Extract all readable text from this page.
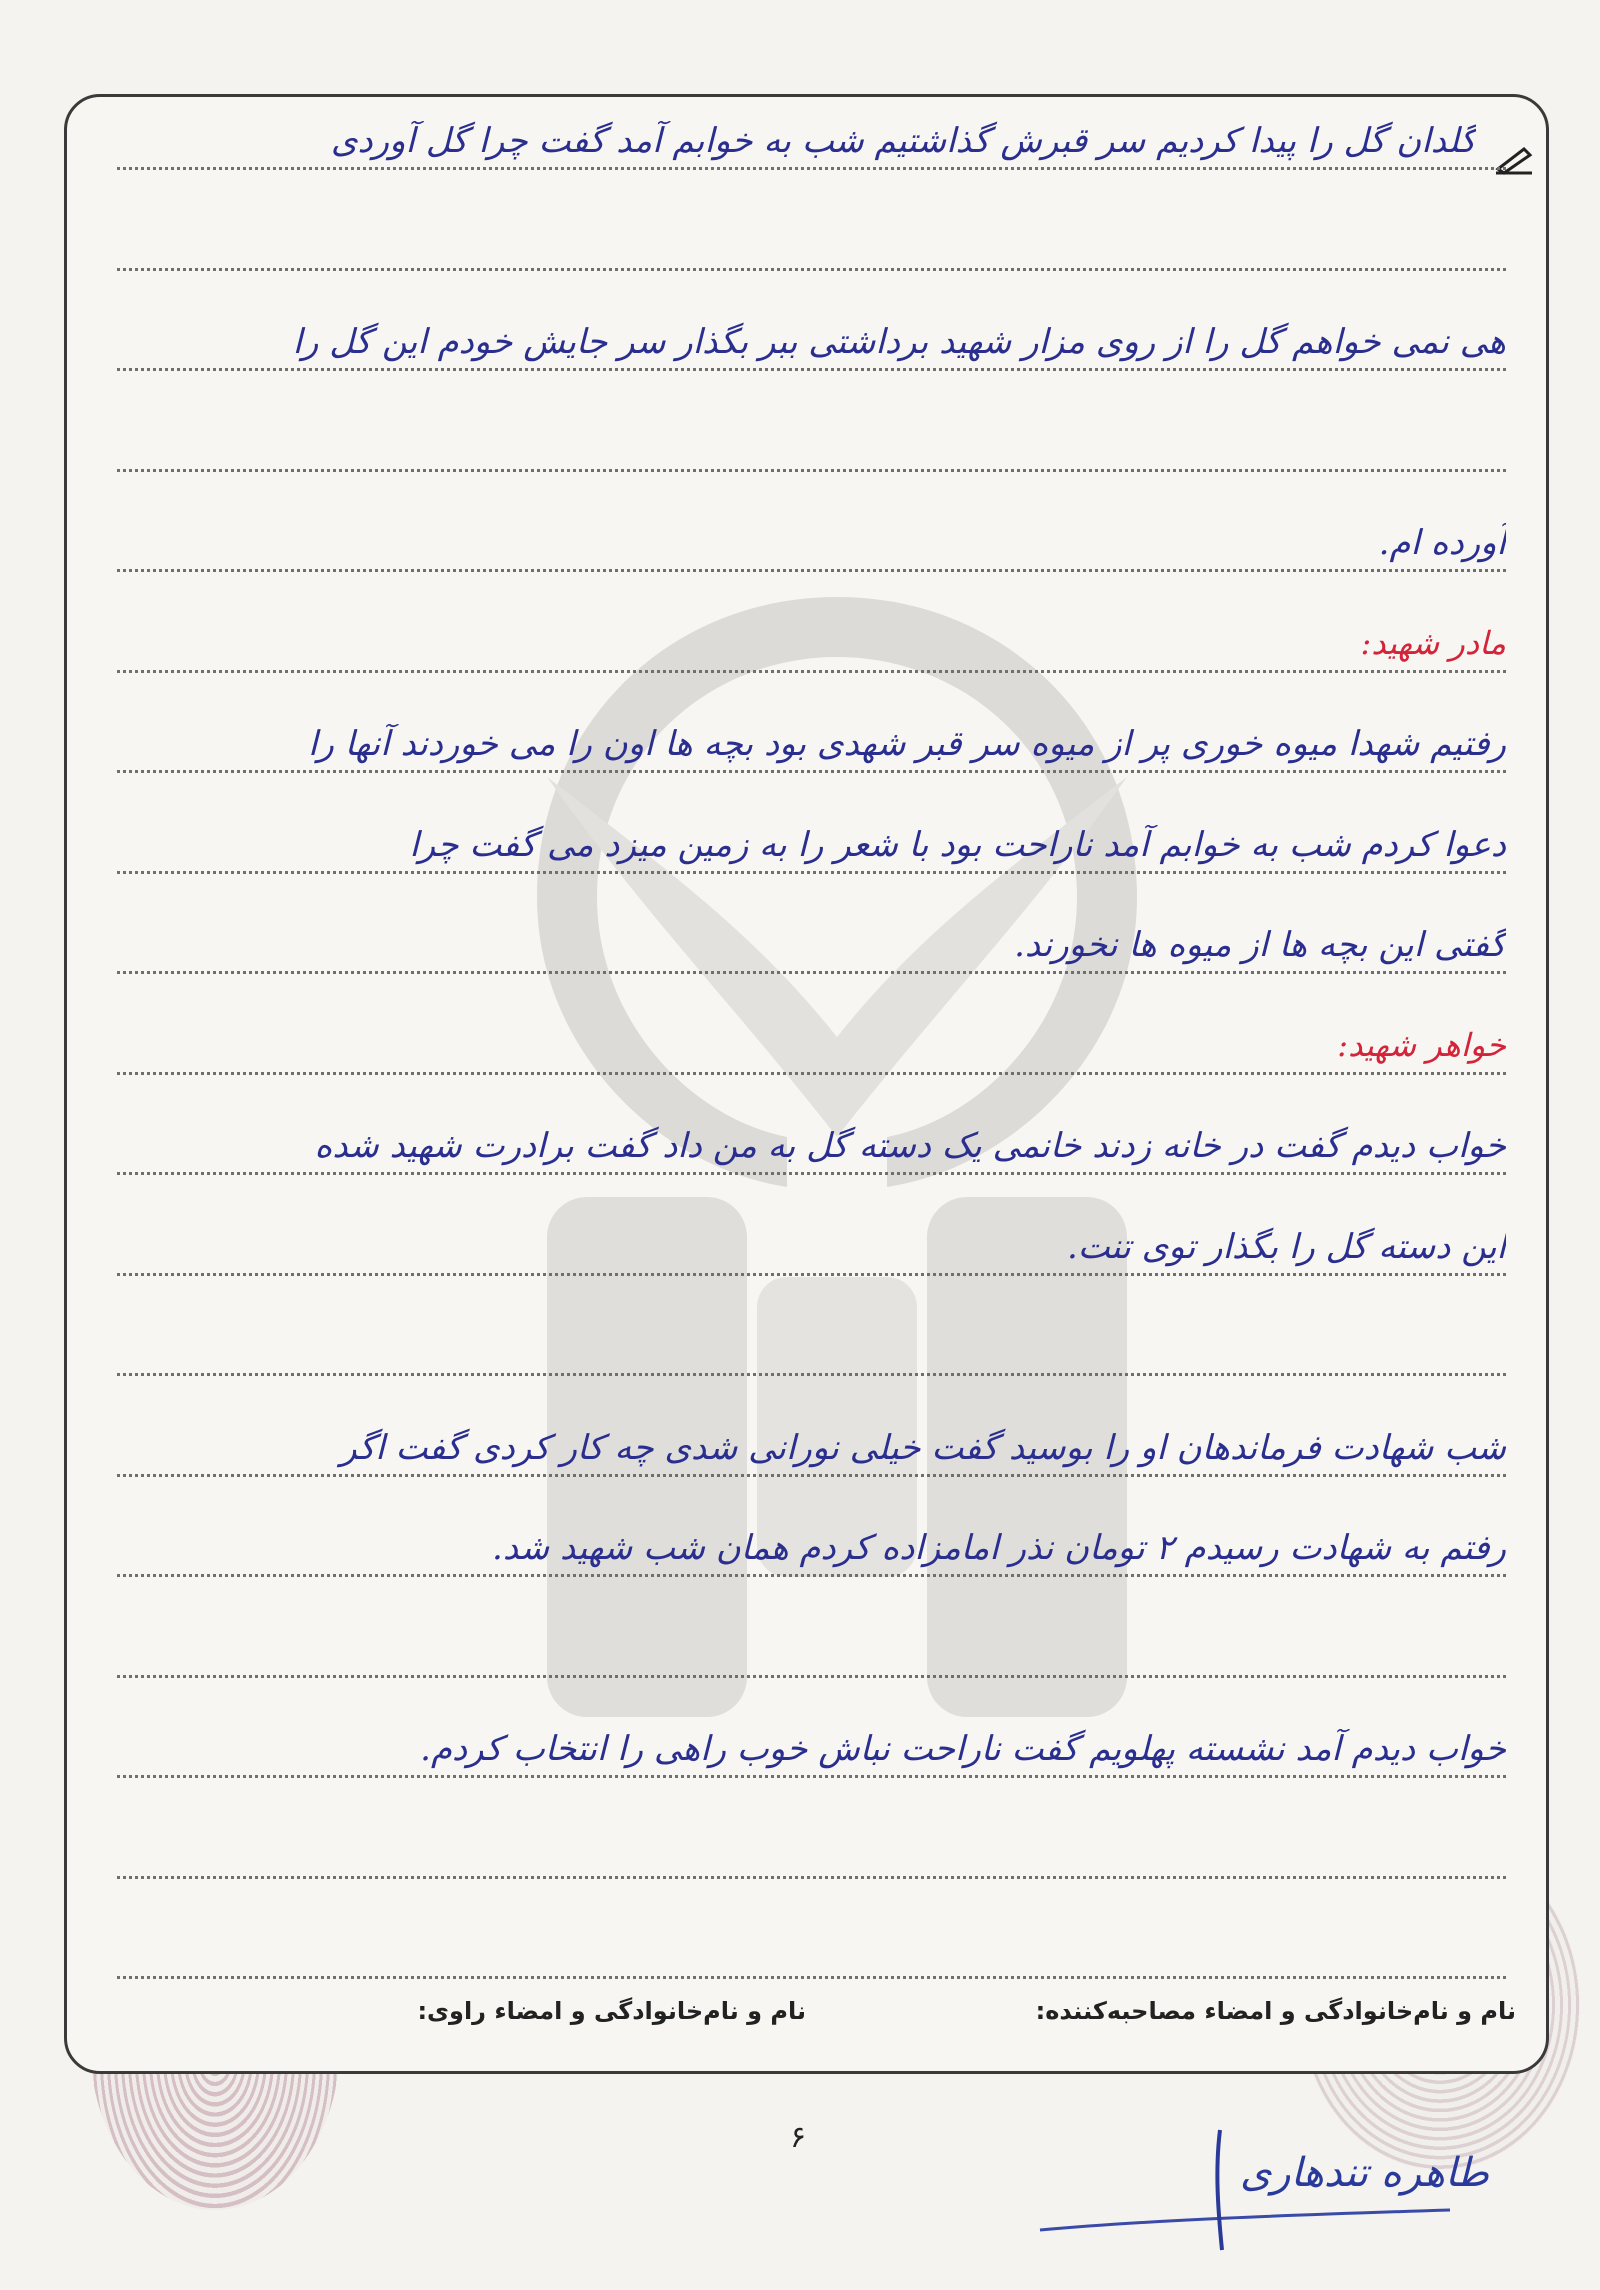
گلدان گل را پیدا کردیم سر قبرش گذاشتیم شب به خوابم آمد گفت چرا گل آوردی
هی نمی خواهم گل را از روی مزار شهید برداشتی ببر بگذار سر جایش خودم این گل را
آورده ام.
مادر شهید:
رفتیم شهدا میوه خوری پر از میوه سر قبر شهدی بود بچه ها اون را می خوردند آنها را
دعوا کردم شب به خوابم آمد ناراحت بود با شعر را به زمین میزد می گفت چرا
گفتی این بچه ها از میوه ها نخورند.
خواهر شهید:
خواب دیدم گفت در خانه زدند خانمی یک دسته گل به من داد گفت برادرت شهید شده
این دسته گل را بگذار توی تنت.
شب شهادت فرماندهان او را بوسید گفت خیلی نورانی شدی چه کار کردی گفت اگر
رفتم به شهادت رسیدم ۲ تومان نذر امامزاده کردم همان شب شهید شد.
خواب دیدم آمد نشسته پهلویم گفت ناراحت نباش خوب راهی را انتخاب کردم.
نام و نام‌خانوادگی و امضاء مصاحبه‌کننده:
نام و نام‌خانوادگی و امضاء راوی:
۶
طاهره تندهاری
